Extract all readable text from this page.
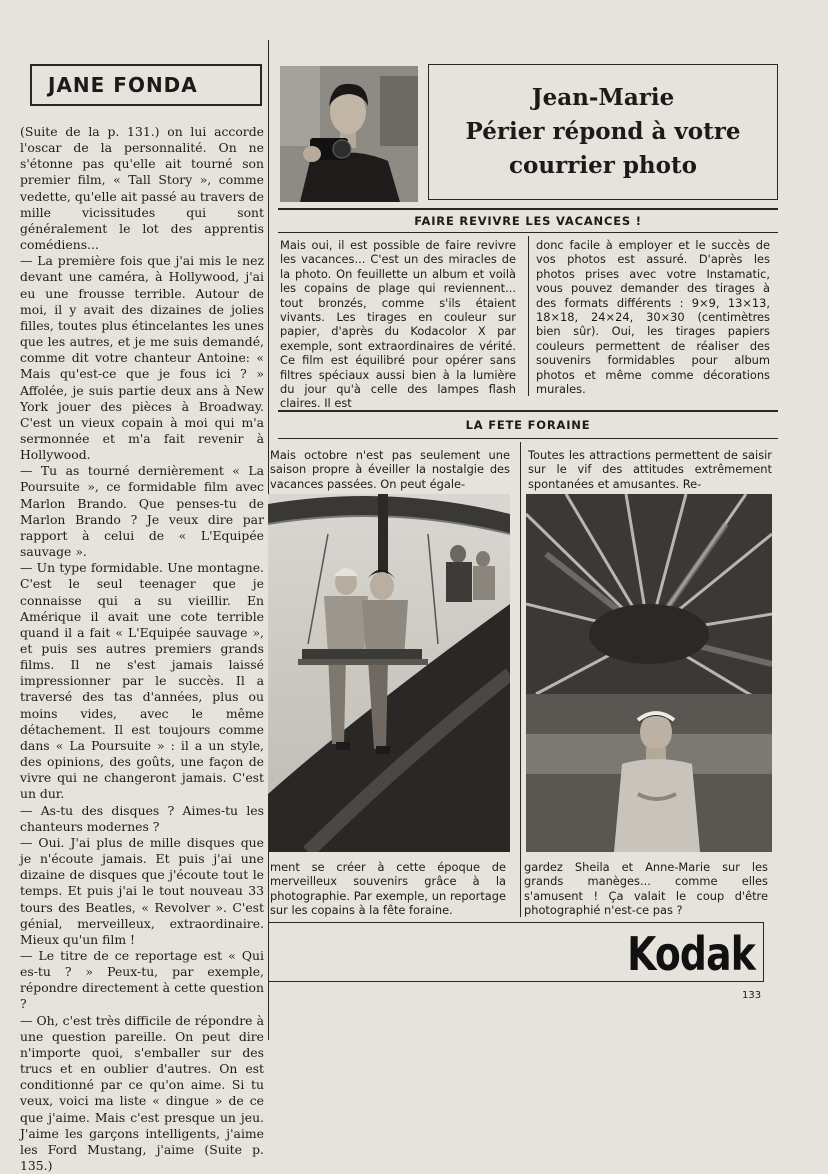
JANE FONDA

(Suite de la p. 131.) on lui accorde l'oscar de la personnalité. On ne s'étonne pas qu'elle ait tourné son premier film, « Tall Story », comme vedette, qu'elle ait passé au travers de mille vicissitudes qui sont généralement le lot des apprentis comédiens...

— La première fois que j'ai mis le nez devant une caméra, à Hollywood, j'ai eu une frousse terrible. Autour de moi, il y avait des dizaines de jolies filles, toutes plus étincelantes les unes que les autres, et je me suis demandé, comme dit votre chanteur Antoine: « Mais qu'est-ce que je fous ici ? » Affolée, je suis partie deux ans à New York jouer des pièces à Broadway. C'est un vieux copain à moi qui m'a sermonnée et m'a fait revenir à Hollywood.

— Tu as tourné dernièrement « La Poursuite », ce formidable film avec Marlon Brando. Que penses-tu de Marlon Brando ? Je veux dire par rapport à celui de « L'Equipée sauvage ».

— Un type formidable. Une montagne. C'est le seul teenager que je connaisse qui a su vieillir. En Amérique il avait une cote terrible quand il a fait « L'Equipée sauvage », et puis ses autres premiers grands films. Il ne s'est jamais laissé impressionner par le succès. Il a traversé des tas d'années, plus ou moins vides, avec le même détachement. Il est toujours comme dans « La Poursuite » : il a un style, des opinions, des goûts, une façon de vivre qui ne changeront jamais. C'est un dur.

— As-tu des disques ? Aimes-tu les chanteurs modernes ?

— Oui. J'ai plus de mille disques que je n'écoute jamais. Et puis j'ai une dizaine de disques que j'écoute tout le temps. Et puis j'ai le tout nouveau 33 tours des Beatles, « Revolver ». C'est génial, merveilleux, extraordinaire. Mieux qu'un film !

— Le titre de ce reportage est « Qui es-tu ? » Peux-tu, par exemple, répondre directement à cette question ?

— Oh, c'est très difficile de répondre à une question pareille. On peut dire n'importe quoi, s'emballer sur des trucs et en oublier d'autres. On est conditionné par ce qu'on aime. Si tu veux, voici ma liste « dingue » de ce que j'aime. Mais c'est presque un jeu. J'aime les garçons intelligents, j'aime les Ford Mustang, j'aime (Suite p. 135.)

Jean-Marie
Périer répond à votre
courrier photo
FAIRE REVIVRE LES VACANCES !
Mais oui, il est possible de faire revivre les vacances... C'est un des miracles de la photo. On feuillette un album et voilà les copains de plage qui reviennent... tout bronzés, comme s'ils étaient vivants. Les tirages en couleur sur papier, d'après du Kodacolor X par exemple, sont extraordinaires de vérité. Ce film est équilibré pour opérer sans filtres spéciaux aussi bien à la lumière du jour qu'à celle des lampes flash claires. Il est
donc facile à employer et le succès de vos photos est assuré. D'après les photos prises avec votre Instamatic, vous pouvez demander des tirages à des formats différents : 9×9, 13×13, 18×18, 24×24, 30×30 (centimètres bien sûr). Oui, les tirages papiers couleurs permettent de réaliser des souvenirs formidables pour album photos et même comme décorations murales.
LA FETE FORAINE
Mais octobre n'est pas seulement une saison propre à éveiller la nostalgie des vacances passées. On peut égale-
Toutes les attractions permettent de saisir sur le vif des attitudes extrêmement spontanées et amusantes. Re-
ment se créer à cette époque de merveilleux souvenirs grâce à la photographie. Par exemple, un reportage sur les copains à la fête foraine.
gardez Sheila et Anne-Marie sur les grands manèges... comme elles s'amusent ! Ça valait le coup d'être photographié n'est-ce pas ?
Kodak
133
